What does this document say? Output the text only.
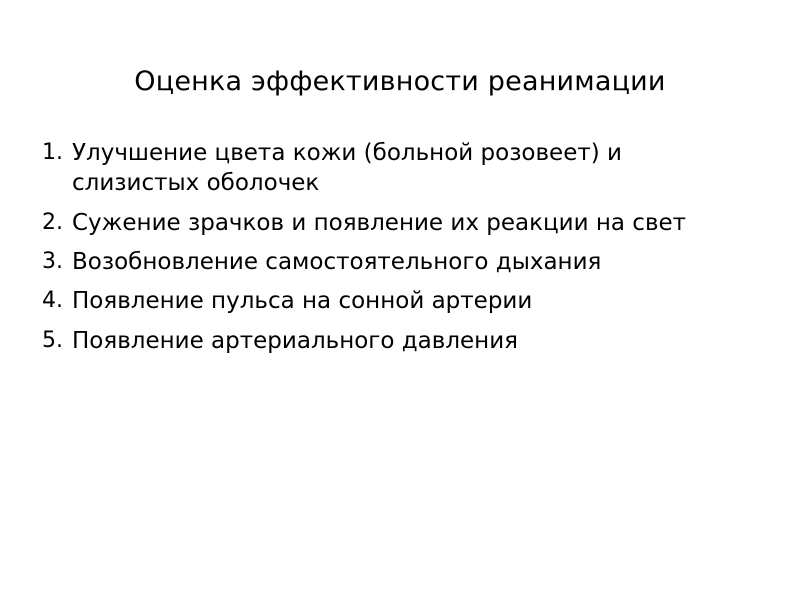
Оценка эффективности реанимации
1. Улучшение цвета кожи (больной розовеет) и слизистых оболочек
2. Сужение зрачков и появление их реакции на свет
3. Возобновление самостоятельного дыхания
4. Появление пульса на сонной артерии
5. Появление артериального давления
